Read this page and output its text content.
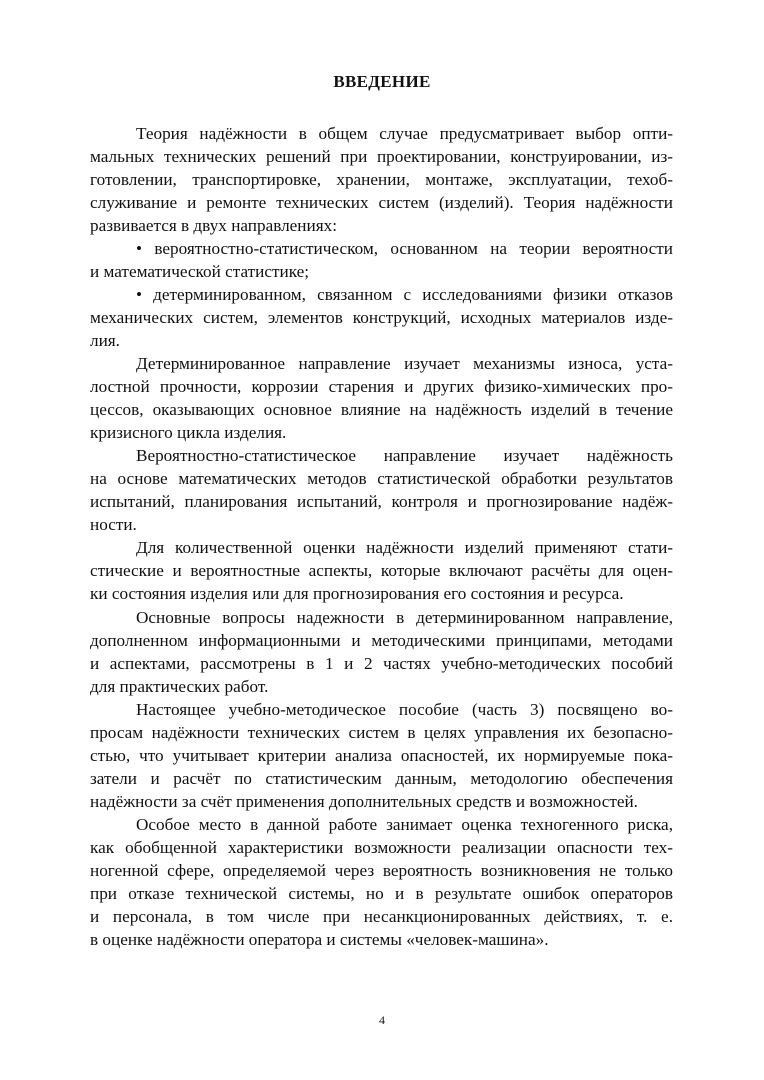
ВВЕДЕНИЕ
Теория надёжности в общем случае предусматривает выбор опти-
мальных технических решений при проектировании, конструировании, из-
готовлении, транспортировке, хранении, монтаже, эксплуатации, техоб-
служивание и ремонте технических систем (изделий). Теория надёжности
развивается в двух направлениях:
• вероятностно-статистическом, основанном на теории вероятности
и математической статистике;
• детерминированном, связанном с исследованиями физики отказов
механических систем, элементов конструкций, исходных материалов изде-
лия.
Детерминированное направление изучает механизмы износа, уста-
лостной прочности, коррозии старения и других физико-химических про-
цессов, оказывающих основное влияние на надёжность изделий в течение
кризисного цикла изделия.
Вероятностно-статистическое направление изучает надёжность
на основе математических методов статистической обработки результатов
испытаний, планирования испытаний, контроля и прогнозирование надёж-
ности.
Для количественной оценки надёжности изделий применяют стати-
стические и вероятностные аспекты, которые включают расчёты для оцен-
ки состояния изделия или для прогнозирования его состояния и ресурса.
Основные вопросы надежности в детерминированном направление,
дополненном информационными и методическими принципами, методами
и аспектами, рассмотрены в 1 и 2 частях учебно-методических пособий
для практических работ.
Настоящее учебно-методическое пособие (часть 3) посвящено во-
просам надёжности технических систем в целях управления их безопасно-
стью, что учитывает критерии анализа опасностей, их нормируемые пока-
затели и расчёт по статистическим данным, методологию обеспечения
надёжности за счёт применения дополнительных средств и возможностей.
Особое место в данной работе занимает оценка техногенного риска,
как обобщенной характеристики возможности реализации опасности тех-
ногенной сфере, определяемой через вероятность возникновения не только
при отказе технической системы, но и в результате ошибок операторов
и персонала, в том числе при несанкционированных действиях, т. е.
в оценке надёжности оператора и системы «человек-машина».
4
